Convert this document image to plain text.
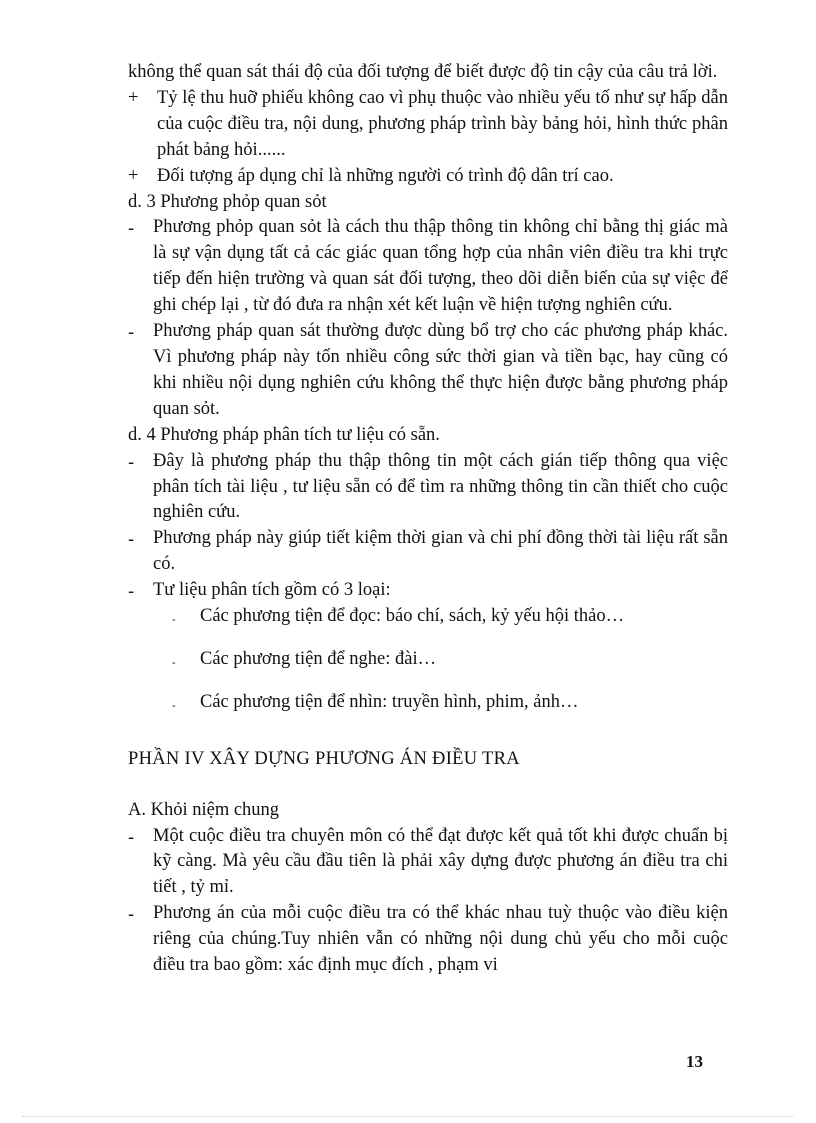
không thể quan sát thái độ của đối tượng để biết được độ tin cậy của câu trả lời.

+	Tỷ lệ thu huỡ phiếu không cao vì phụ thuộc vào nhiều yếu tố như sự hấp dẫn của cuộc điều tra, nội dung, phương pháp trình bày bảng hỏi, hình thức phân phát bảng hỏi......
+	Đối tượng áp dụng chỉ là những người có trình độ dân trí cao.

d. 3 Phương phỏp quan sỏt

-	Phương phỏp quan sỏt là cách thu thập thông tin không chỉ bằng thị giác mà là sự vận dụng tất cả các giác quan tổng hợp của nhân viên điều tra khi trực tiếp đến hiện trường và quan sát đối tượng, theo dõi diễn biến của sự việc để ghi chép lại , từ đó đưa ra nhận xét kết luận về hiện tượng nghiên cứu.
-	Phương pháp quan sát thường được dùng bổ trợ cho các phương pháp khác. Vì phương pháp này tốn nhiều công sức thời gian và tiền bạc, hay cũng có khi nhiều nội dụng nghiên cứu không thể thực hiện được bằng phương pháp quan sỏt.

d. 4 Phương pháp phân tích tư liệu có sẵn.

-	Đây là phương pháp thu thập thông tin một cách gián tiếp thông qua việc phân tích tài liệu , tư liệu sẵn có để tìm ra những thông tin cần thiết cho cuộc nghiên cứu.
-	Phương pháp này giúp tiết kiệm thời gian và chi phí đồng thời tài liệu rất sẵn có.
-	Tư liệu phân tích gồm có 3 loại:
-	Các phương tiện để đọc: báo chí, sách, kỷ yếu hội thảo…
-	Các phương tiện để nghe: đài…
-	Các phương tiện để nhìn: truyền hình, phim, ảnh…

PHẦN IV XÂY DỰNG PHƯƠNG ÁN ĐIỀU TRA

A. Khỏi niệm chung

-	Một cuộc điều tra chuyên môn có thể đạt được kết quả tốt khi được chuẩn bị kỹ càng. Mà yêu cầu đầu tiên là phải xây dựng được phương án điều tra chi tiết , tỷ mỉ.
-	Phương án của mỗi cuộc điều tra có thể khác nhau tuỳ thuộc vào điều kiện riêng của chúng.Tuy nhiên vẫn có những nội dung chủ yếu cho mỗi cuộc điều tra bao gồm: xác định mục đích , phạm vi
13
